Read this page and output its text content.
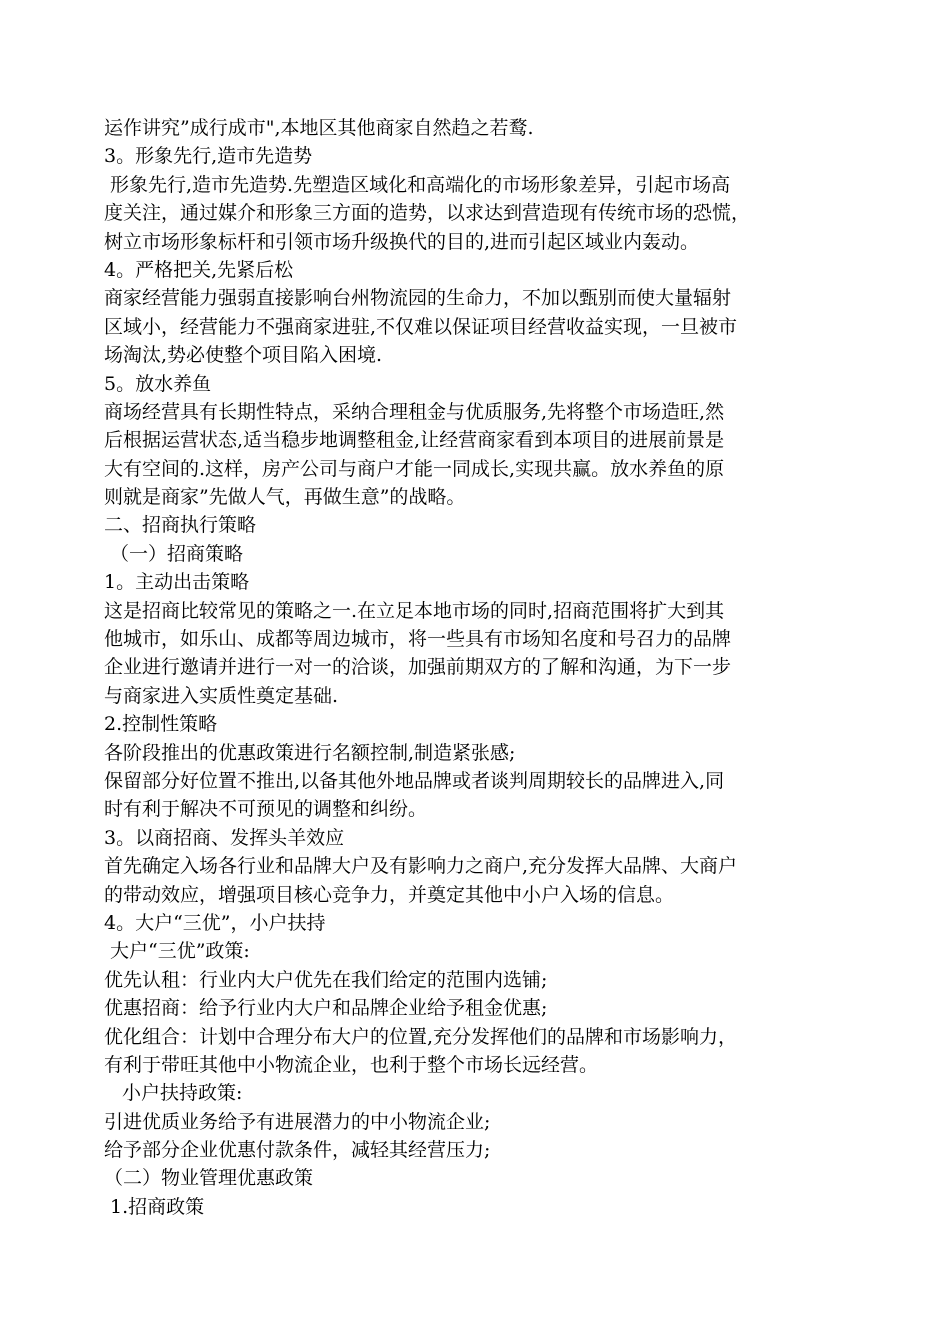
运作讲究”成行成市",本地区其他商家自然趋之若鹜.
3。形象先行,造市先造势
形象先行,造市先造势.先塑造区域化和高端化的市场形象差异，引起市场高
度关注，通过媒介和形象三方面的造势，以求达到营造现有传统市场的恐慌，
树立市场形象标杆和引领市场升级换代的目的,进而引起区域业内轰动。
4。严格把关,先紧后松
商家经营能力强弱直接影响台州物流园的生命力，不加以甄别而使大量辐射
区域小，经营能力不强商家进驻,不仅难以保证项目经营收益实现，一旦被市
场淘汰,势必使整个项目陷入困境.
5。放水养鱼
商场经营具有长期性特点，采纳合理租金与优质服务,先将整个市场造旺,然
后根据运营状态,适当稳步地调整租金,让经营商家看到本项目的进展前景是
大有空间的.这样，房产公司与商户才能一同成长,实现共赢。放水养鱼的原
则就是商家”先做人气，再做生意”的战略。
二、招商执行策略
（一）招商策略
1。主动出击策略
这是招商比较常见的策略之一.在立足本地市场的同时,招商范围将扩大到其
他城市，如乐山、成都等周边城市，将一些具有市场知名度和号召力的品牌
企业进行邀请并进行一对一的洽谈，加强前期双方的了解和沟通，为下一步
与商家进入实质性奠定基础.
2.控制性策略
各阶段推出的优惠政策进行名额控制,制造紧张感;
保留部分好位置不推出,以备其他外地品牌或者谈判周期较长的品牌进入,同
时有利于解决不可预见的调整和纠纷。
3。以商招商、发挥头羊效应
首先确定入场各行业和品牌大户及有影响力之商户,充分发挥大品牌、大商户
的带动效应，增强项目核心竞争力，并奠定其他中小户入场的信息。
4。大户“三优”，小户扶持
大户“三优”政策:
优先认租：行业内大户优先在我们给定的范围内选铺;
优惠招商：给予行业内大户和品牌企业给予租金优惠;
优化组合：计划中合理分布大户的位置,充分发挥他们的品牌和市场影响力，
有利于带旺其他中小物流企业，也利于整个市场长远经营。
小户扶持政策:
引进优质业务给予有进展潜力的中小物流企业;
给予部分企业优惠付款条件，减轻其经营压力;
（二）物业管理优惠政策
1.招商政策
